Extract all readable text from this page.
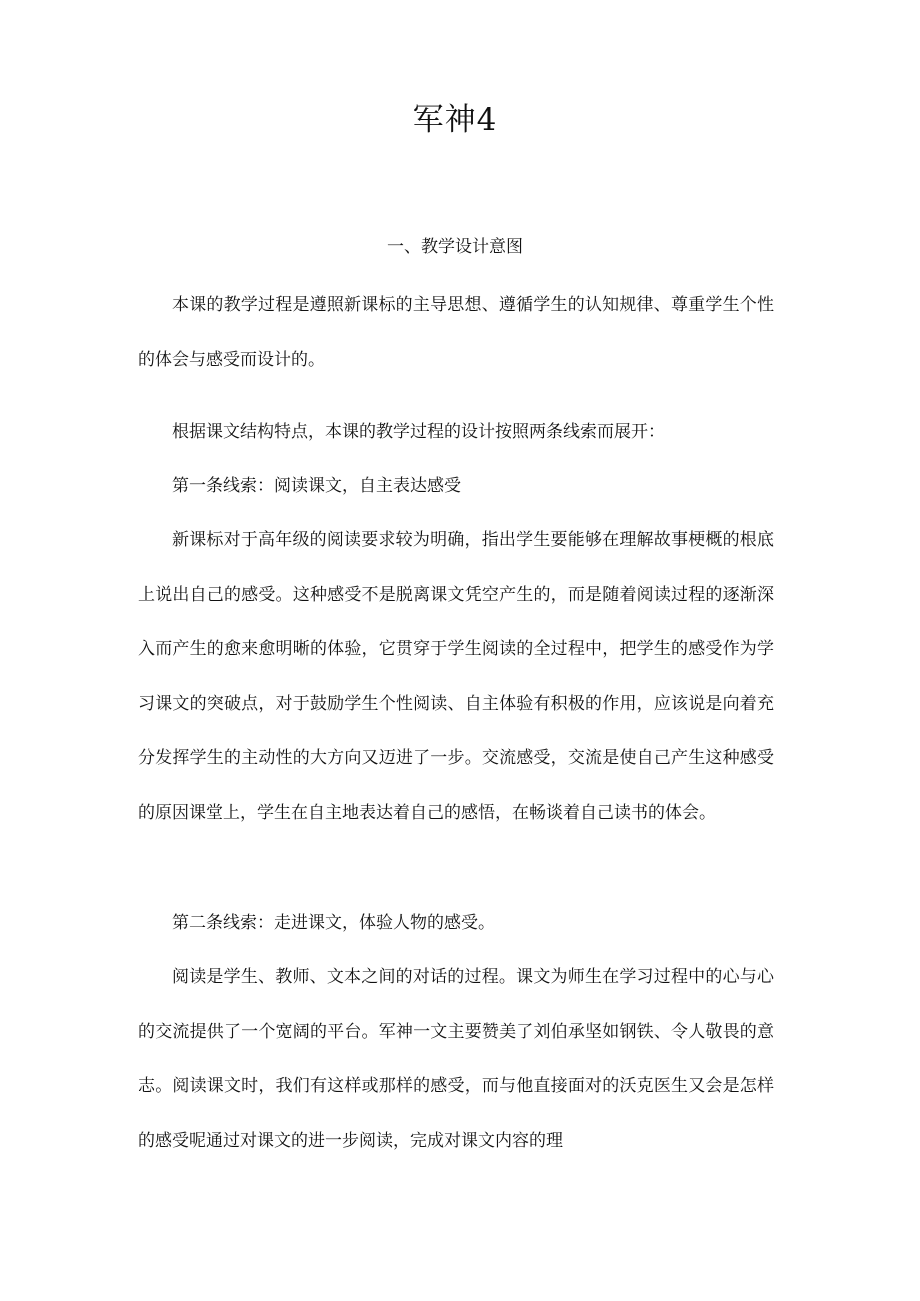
军神4
一、教学设计意图

本课的教学过程是遵照新课标的主导思想、遵循学生的认知规律、尊重学生个性的体会与感受而设计的。

根据课文结构特点，本课的教学过程的设计按照两条线索而展开：

第一条线索：阅读课文，自主表达感受

新课标对于高年级的阅读要求较为明确，指出学生要能够在理解故事梗概的根底上说出自己的感受。这种感受不是脱离课文凭空产生的，而是随着阅读过程的逐渐深入而产生的愈来愈明晰的体验，它贯穿于学生阅读的全过程中，把学生的感受作为学习课文的突破点，对于鼓励学生个性阅读、自主体验有积极的作用，应该说是向着充分发挥学生的主动性的大方向又迈进了一步。交流感受，交流是使自己产生这种感受的原因课堂上，学生在自主地表达着自己的感悟，在畅谈着自己读书的体会。

第二条线索：走进课文，体验人物的感受。

阅读是学生、教师、文本之间的对话的过程。课文为师生在学习过程中的心与心的交流提供了一个宽阔的平台。军神一文主要赞美了刘伯承坚如钢铁、令人敬畏的意志。阅读课文时，我们有这样或那样的感受，而与他直接面对的沃克医生又会是怎样的感受呢通过对课文的进一步阅读，完成对课文内容的理
